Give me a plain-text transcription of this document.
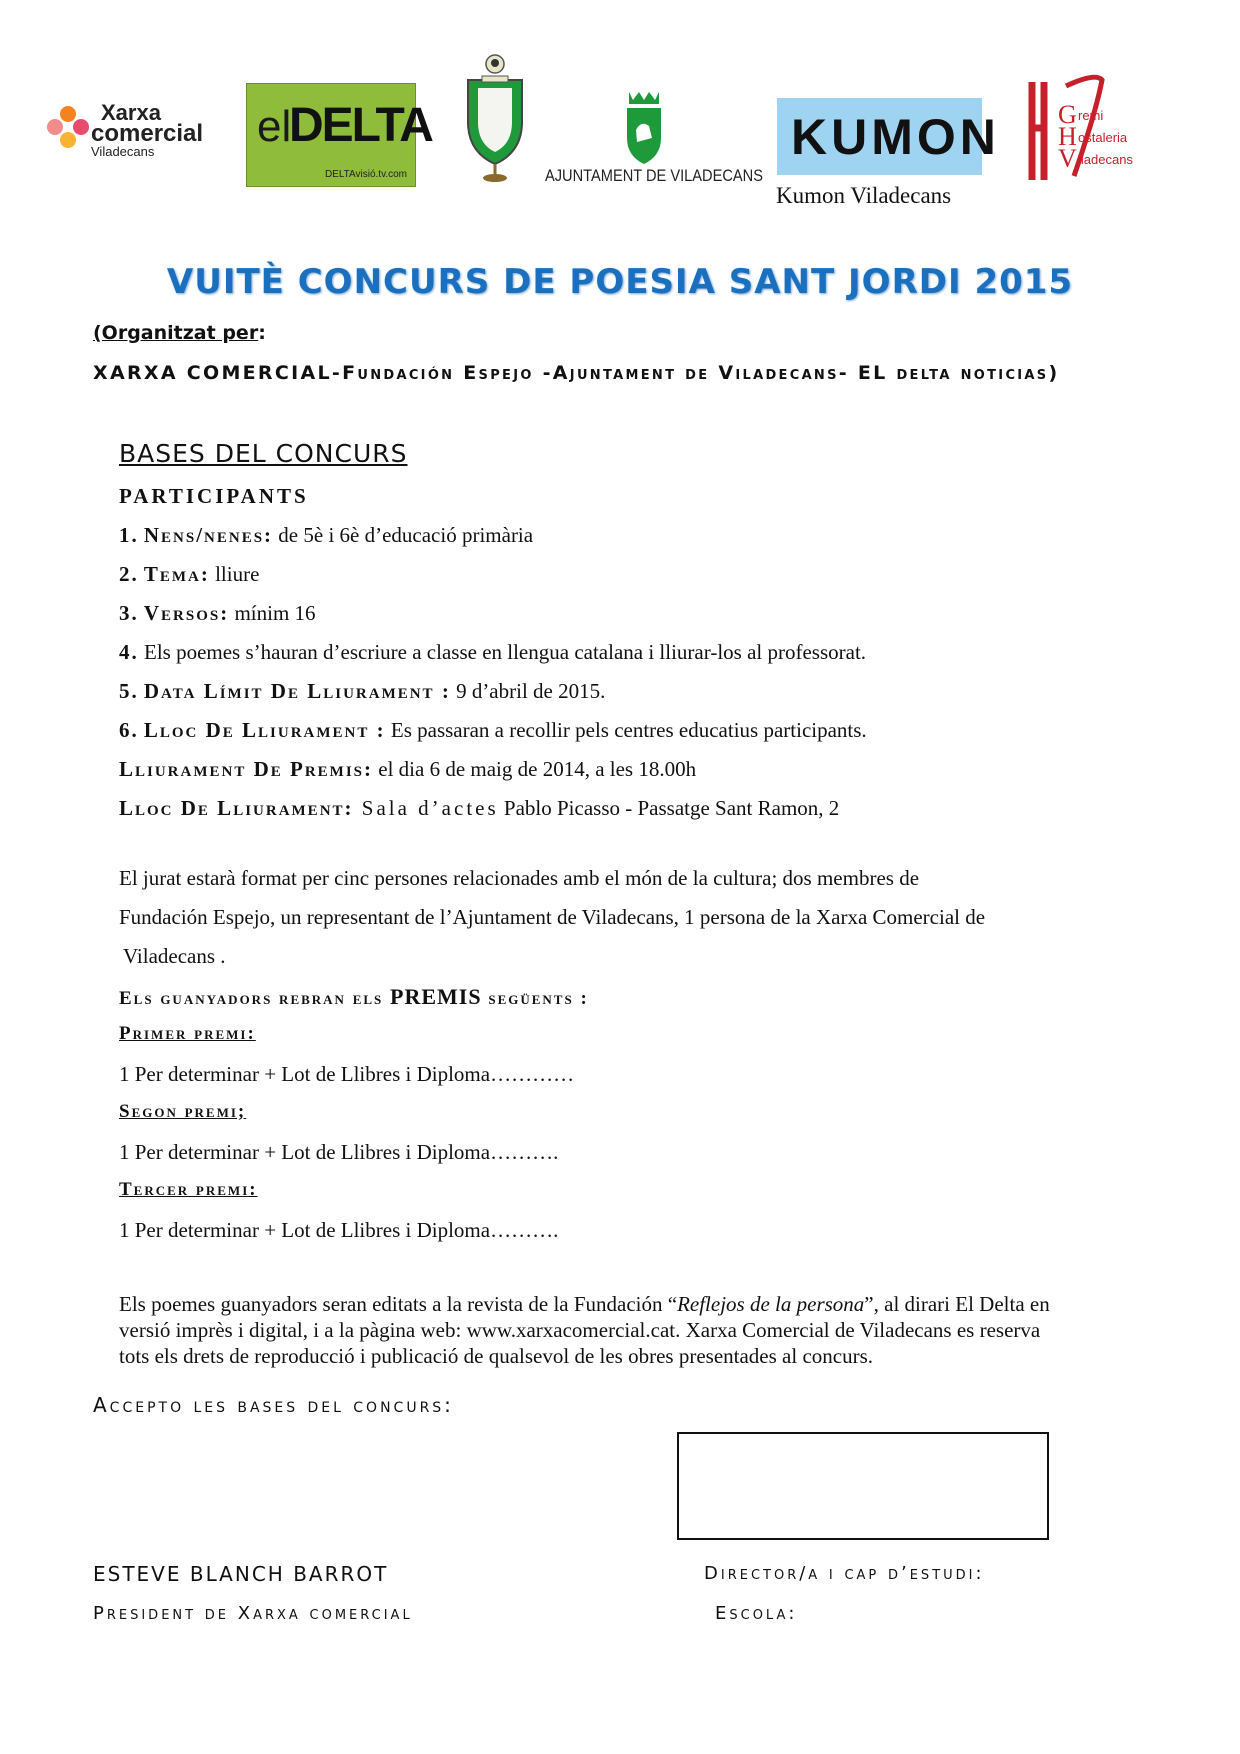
Xarxa
comercial
Viladecans
el
DELTA
DELTAvisió.tv.com	AJUNTAMENT DE VILADECANS
KUMON
Kumon Viladecans
G remi
H ostaleria
V iladecans
VUITÈ CONCURS DE POESIA SANT JORDI 2015
(Organitzat per:
XARXA COMERCIAL-Fundación Espejo -Ajuntament de Viladecans- EL delta noticias)
BASES DEL CONCURS
PARTICIPANTS
1. Nens/nenes: de 5è i 6è d’educació primària
2. Tema: lliure
3. Versos: mínim 16
4. Els poemes s’hauran d’escriure a classe en llengua catalana i lliurar-los al professorat.
5. Data Límit De Lliurament : 9 d’abril de 2015.
6. Lloc De Lliurament : Es passaran a recollir pels centres educatius participants.
Lliurament De Premis: el dia 6 de maig de 2014, a les 18.00h
Lloc De Lliurament: Sala d’actes Pablo Picasso - Passatge Sant Ramon, 2
El jurat estarà format per cinc persones relacionades amb el món de la cultura; dos membres de
Fundación Espejo, un representant de l’Ajuntament de Viladecans, 1 persona de la Xarxa Comercial de
Viladecans .
Els guanyadors rebran els PREMIS següents :
Primer premi:
1 Per determinar + Lot de Llibres i Diploma…………
Segon premi;
1 Per determinar + Lot de Llibres i Diploma……….
Tercer premi:
1 Per determinar + Lot de Llibres i Diploma……….
Els poemes guanyadors seran editats a la revista de la Fundación “Reflejos de la persona”, al dirari El Delta en
versió imprès i digital, i a la pàgina web: www.xarxacomercial.cat. Xarxa Comercial de Viladecans es reserva
tots els drets de reproducció i publicació de qualsevol de les obres presentades al concurs.
Accepto les bases del concurs:
ESTEVE BLANCH BARROT
President de Xarxa comercial
Director/a i cap d’estudi:
Escola:
